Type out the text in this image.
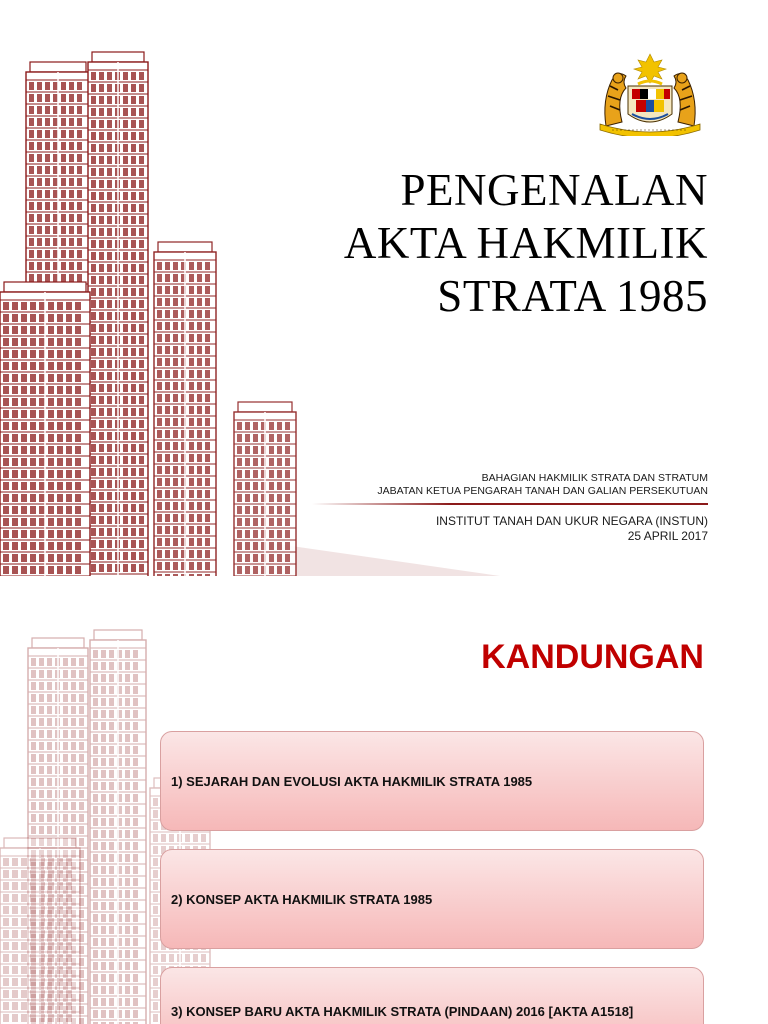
PENGENALAN
AKTA HAKMILIK
STRATA 1985
BAHAGIAN HAKMILIK STRATA DAN STRATUM
JABATAN KETUA PENGARAH TANAH DAN GALIAN PERSEKUTUAN
INSTITUT TANAH DAN UKUR NEGARA (INSTUN)
25 APRIL 2017
KANDUNGAN
1) SEJARAH DAN EVOLUSI AKTA HAKMILIK STRATA 1985
2) KONSEP AKTA HAKMILIK STRATA 1985
3) KONSEP BARU AKTA HAKMILIK STRATA (PINDAAN) 2016 [AKTA A1518]
